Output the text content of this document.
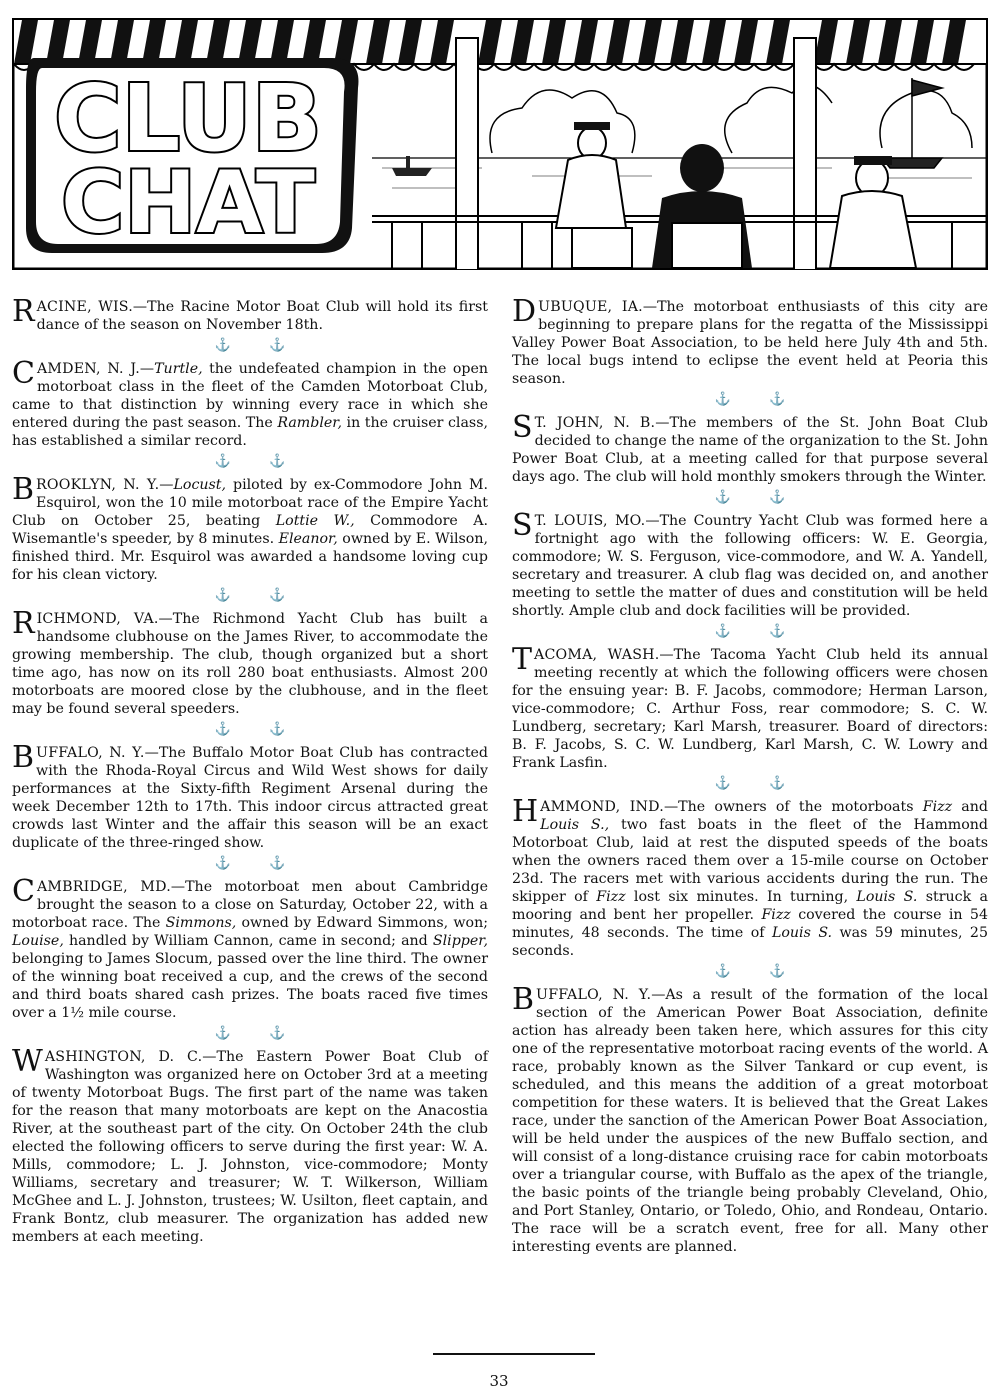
CLUB
CHAT

RACINE, WIS.—The Racine Motor Boat Club will hold its first dance of the season on November 18th.

⚓ ⚓

CAMDEN, N. J.—Turtle, the undefeated champion in the open motorboat class in the fleet of the Camden Motorboat Club, came to that distinction by winning every race in which she entered during the past season. The Rambler, in the cruiser class, has established a similar record.

⚓ ⚓

BROOKLYN, N. Y.—Locust, piloted by ex-Commodore John M. Esquirol, won the 10 mile motorboat race of the Empire Yacht Club on October 25, beating Lottie W., Commodore A. Wisemantle's speeder, by 8 minutes. Eleanor, owned by E. Wilson, finished third. Mr. Esquirol was awarded a handsome loving cup for his clean victory.

⚓ ⚓

RICHMOND, VA.—The Richmond Yacht Club has built a handsome clubhouse on the James River, to accommodate the growing membership. The club, though organized but a short time ago, has now on its roll 280 boat enthusiasts. Almost 200 motorboats are moored close by the clubhouse, and in the fleet may be found several speeders.

⚓ ⚓

BUFFALO, N. Y.—The Buffalo Motor Boat Club has contracted with the Rhoda-Royal Circus and Wild West shows for daily performances at the Sixty-fifth Regiment Arsenal during the week December 12th to 17th. This indoor circus attracted great crowds last Winter and the affair this season will be an exact duplicate of the three-ringed show.

⚓ ⚓

CAMBRIDGE, MD.—The motorboat men about Cambridge brought the season to a close on Saturday, October 22, with a motorboat race. The Simmons, owned by Edward Simmons, won; Louise, handled by William Cannon, came in second; and Slipper, belonging to James Slocum, passed over the line third. The owner of the winning boat received a cup, and the crews of the second and third boats shared cash prizes. The boats raced five times over a 1½ mile course.

⚓ ⚓

WASHINGTON, D. C.—The Eastern Power Boat Club of Washington was organized here on October 3rd at a meeting of twenty Motorboat Bugs. The first part of the name was taken for the reason that many motorboats are kept on the Anacostia River, at the southeast part of the city. On October 24th the club elected the following officers to serve during the first year: W. A. Mills, commodore; L. J. Johnston, vice-commodore; Monty Williams, secretary and treasurer; W. T. Wilkerson, William McGhee and L. J. Johnston, trustees; W. Usilton, fleet captain, and Frank Bontz, club measurer. The organization has added new members at each meeting.

DUBUQUE, IA.—The motorboat enthusiasts of this city are beginning to prepare plans for the regatta of the Mississippi Valley Power Boat Association, to be held here July 4th and 5th. The local bugs intend to eclipse the event held at Peoria this season.

⚓ ⚓

S T. JOHN, N. B.—The members of the St. John Boat Club decided to change the name of the organization to the St. John Power Boat Club, at a meeting called for that purpose several days ago. The club will hold monthly smokers through the Winter.

⚓ ⚓

S T. LOUIS, MO.—The Country Yacht Club was formed here a fortnight ago with the following officers: W. E. Georgia, commodore; W. S. Ferguson, vice-commodore, and W. A. Yandell, secretary and treasurer. A club flag was decided on, and another meeting to settle the matter of dues and constitution will be held shortly. Ample club and dock facilities will be provided.

⚓ ⚓

TACOMA, WASH.—The Tacoma Yacht Club held its annual meeting recently at which the following officers were chosen for the ensuing year: B. F. Jacobs, commodore; Herman Larson, vice-commodore; C. Arthur Foss, rear commodore; S. C. W. Lundberg, secretary; Karl Marsh, treasurer. Board of directors: B. F. Jacobs, S. C. W. Lundberg, Karl Marsh, C. W. Lowry and Frank Lasfin.

⚓ ⚓

HAMMOND, IND.—The owners of the motorboats Fizz and Louis S., two fast boats in the fleet of the Hammond Motorboat Club, laid at rest the disputed speeds of the boats when the owners raced them over a 15-mile course on October 23d. The racers met with various accidents during the run. The skipper of Fizz lost six minutes. In turning, Louis S. struck a mooring and bent her propeller. Fizz covered the course in 54 minutes, 48 seconds. The time of Louis S. was 59 minutes, 25 seconds.

⚓ ⚓

BUFFALO, N. Y.—As a result of the formation of the local section of the American Power Boat Association, definite action has already been taken here, which assures for this city one of the representative motorboat racing events of the world. A race, probably known as the Silver Tankard or cup event, is scheduled, and this means the addition of a great motorboat competition for these waters. It is believed that the Great Lakes race, under the sanction of the American Power Boat Association, will be held under the auspices of the new Buffalo section, and will consist of a long-distance cruising race for cabin motorboats over a triangular course, with Buffalo as the apex of the triangle, the basic points of the triangle being probably Cleveland, Ohio, and Port Stanley, Ontario, or Toledo, Ohio, and Rondeau, Ontario. The race will be a scratch event, free for all. Many other interesting events are planned.

33
